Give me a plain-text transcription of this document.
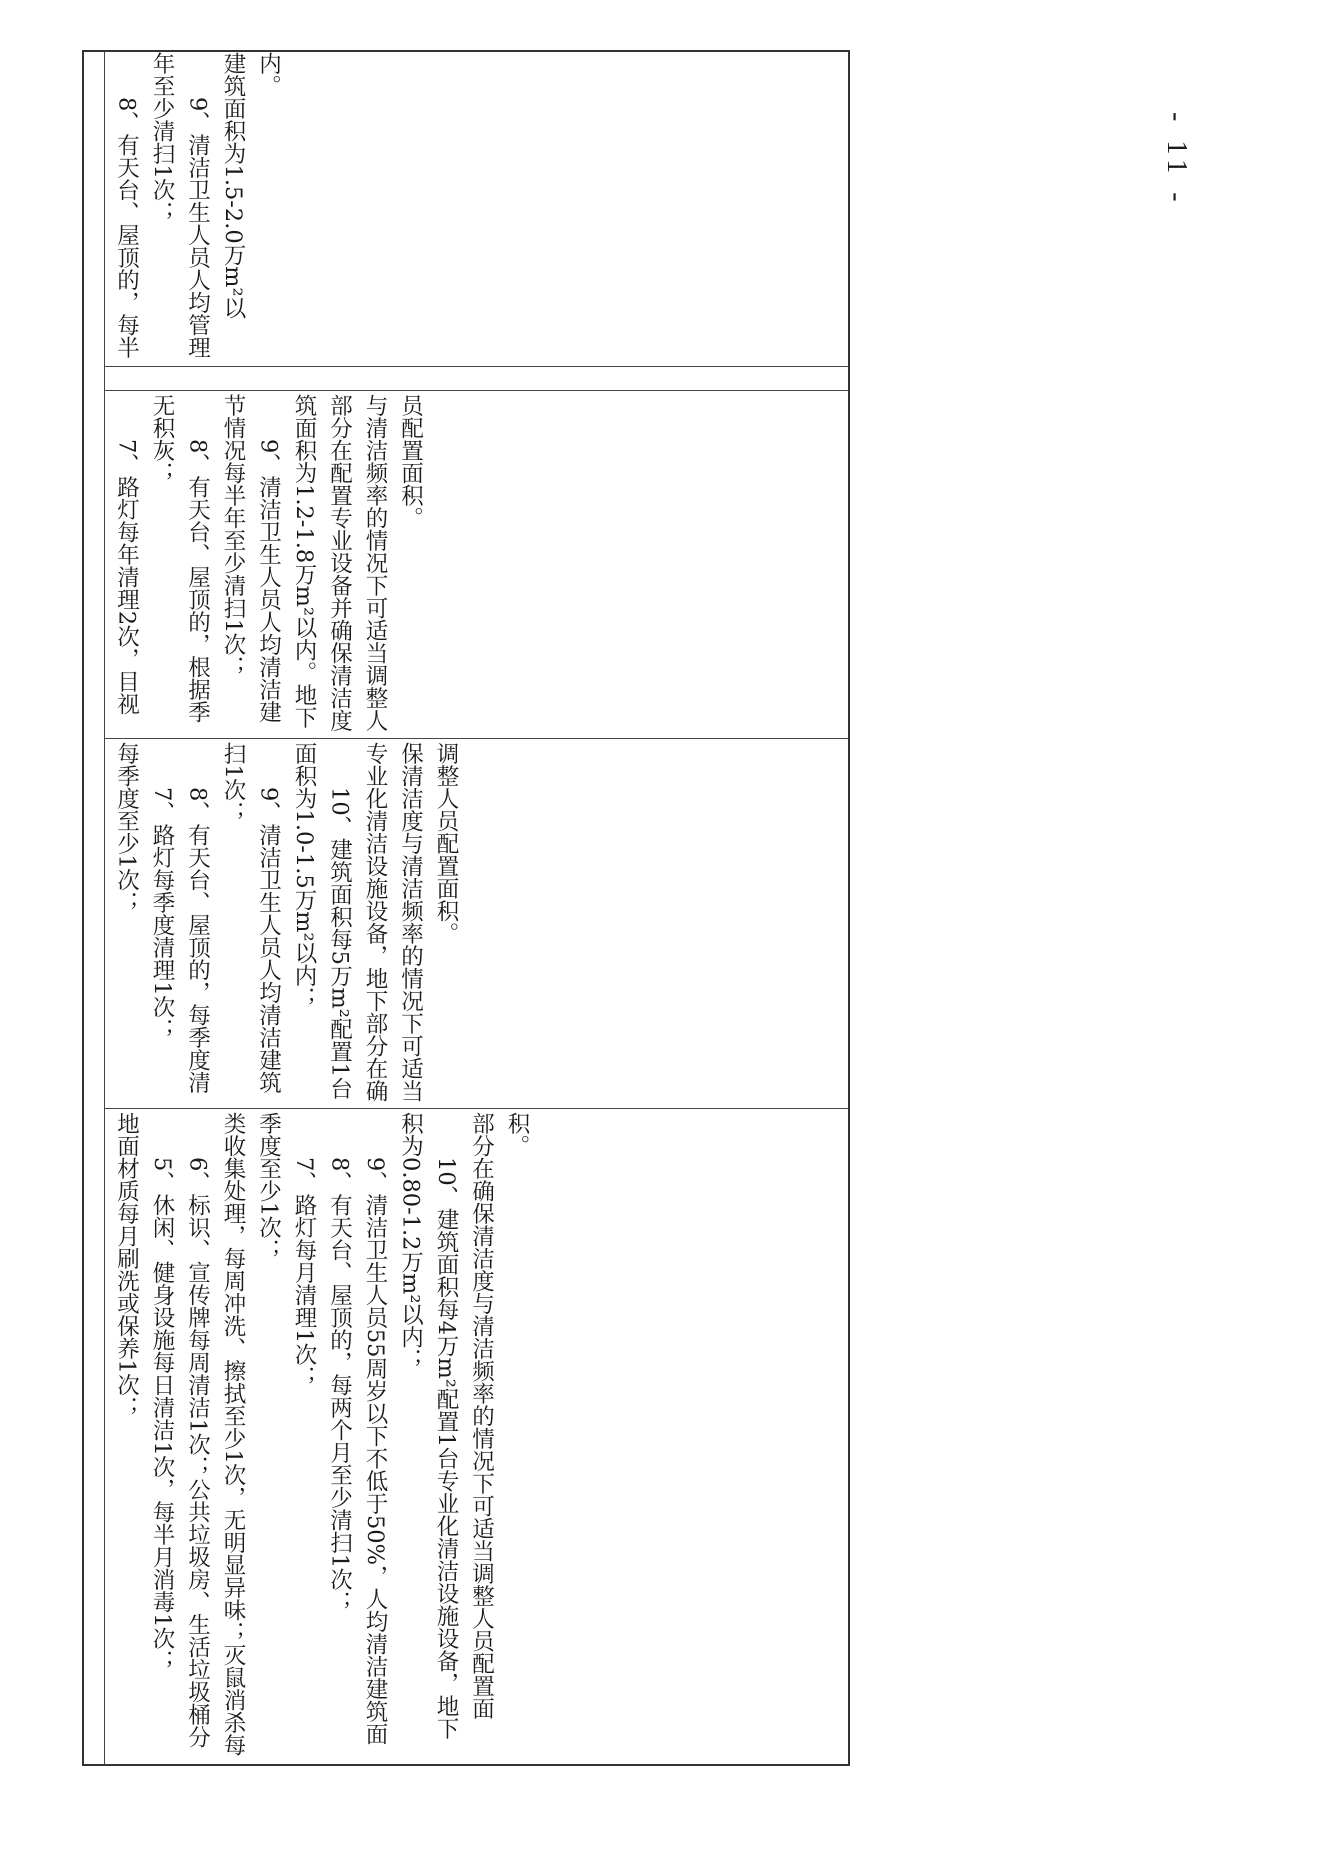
- 11 -

地面材质每月刷洗或保养1次； 5、休闲、健身设施每日清洁1次，每半月消毒1次； 6、标识、宣传牌每周清洁1次；公共垃圾房、生活垃圾桶分类收集处理，每周冲洗、擦拭至少1次，无明显异味；灭鼠消杀每季度至少1次； 7、路灯每月清理1次； 8、有天台、屋顶的，每两个月至少清扫1次； 9、清洁卫生人员55周岁以下不低于50%，人均清洁建筑面积为0.80-1.2万m²以内； 10、建筑面积每4万m²配置1台专业化清洁设施设备，地下部分在确保清洁度与清洁频率的情况下可适当调整人员配置面积。

每季度至少1次； 7、路灯每季度清理1次； 8、有天台、屋顶的，每季度清扫1次；

9、清洁卫生人员人均清洁建筑面积为1.0-1.5万m²以内； 10、建筑面积每5万m²配置1台专业化清洁设施设备，地下部分在确保清洁度与清洁频率的情况下可适当调整人员配置面积。

7、路灯每年清理2次，目视无积灰； 8、有天台、屋顶的，根据季节情况每半年至少清扫1次； 9、清洁卫生人员人均清洁建筑面积为1.2-1.8万m²以内。地下部分在配置专业设备并确保清洁度与清洁频率的情况下可适当调整人员配置面积。

8、有天台、屋顶的，每半年至少清扫1次； 9、清洁卫生人员人均管理建筑面积为1.5-2.0万m²以内。
